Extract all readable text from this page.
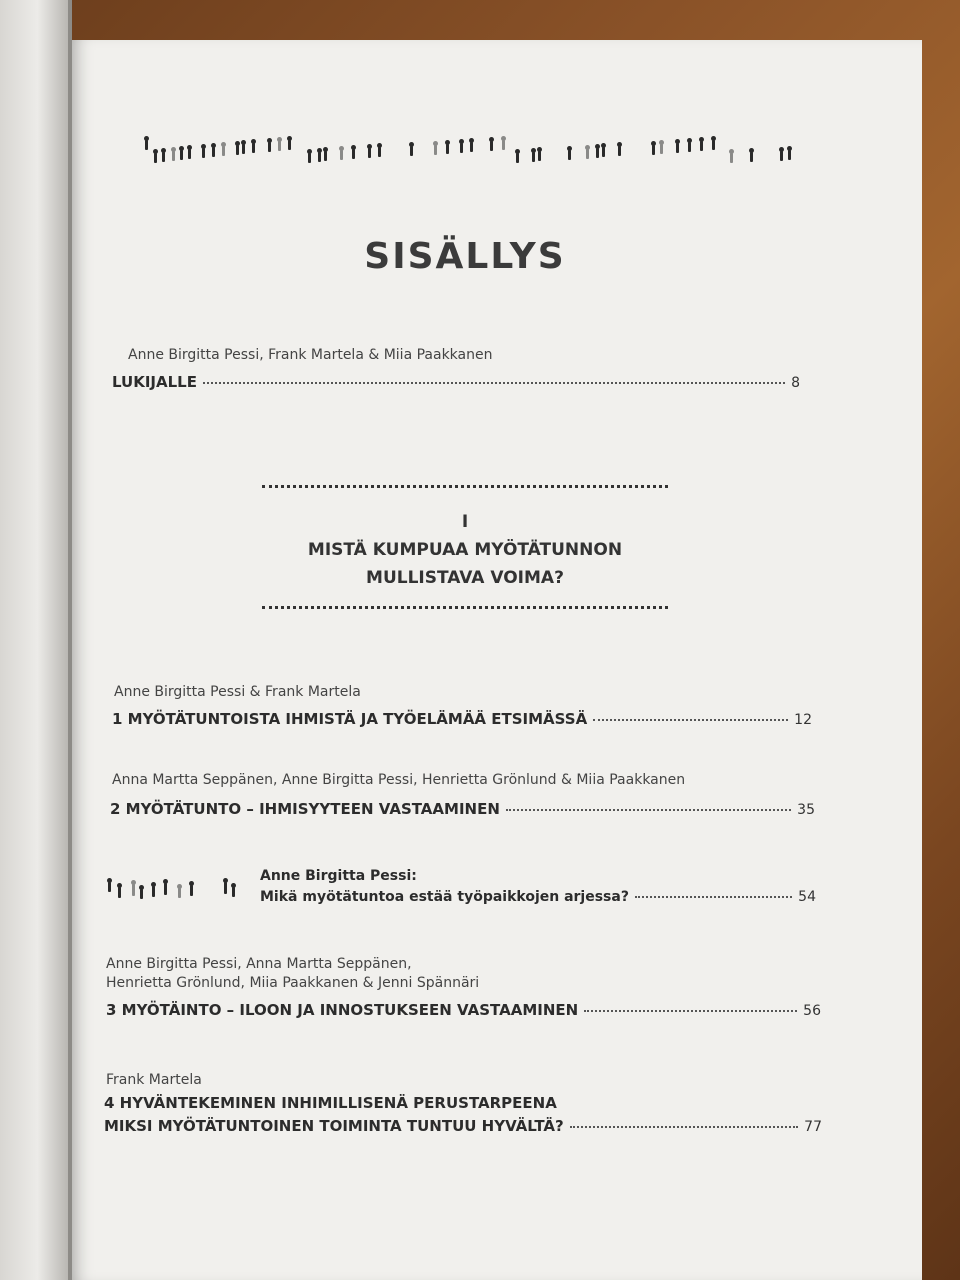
SISÄLLYS
Anne Birgitta Pessi, Frank Martela & Miia Paakkanen
LUKIJALLE	8
I
MISTÄ KUMPUAA MYÖTÄTUNNON
MULLISTAVA VOIMA?
Anne Birgitta Pessi & Frank Martela
1 MYÖTÄTUNTOISTA IHMISTÄ JA TYÖELÄMÄÄ ETSIMÄSSÄ	12
Anna Martta Seppänen, Anne Birgitta Pessi, Henrietta Grönlund & Miia Paakkanen
2 MYÖTÄTUNTO – IHMISYYTEEN VASTAAMINEN	35
Anne Birgitta Pessi:
Mikä myötätuntoa estää työpaikkojen arjessa?	54
Anne Birgitta Pessi, Anna Martta Seppänen,
Henrietta Grönlund, Miia Paakkanen & Jenni Spännäri
3 MYÖTÄINTO – ILOON JA INNOSTUKSEEN VASTAAMINEN	56
Frank Martela
4 HYVÄNTEKEMINEN INHIMILLISENÄ PERUSTARPEENA
MIKSI MYÖTÄTUNTOINEN TOIMINTA TUNTUU HYVÄLTÄ?	77
